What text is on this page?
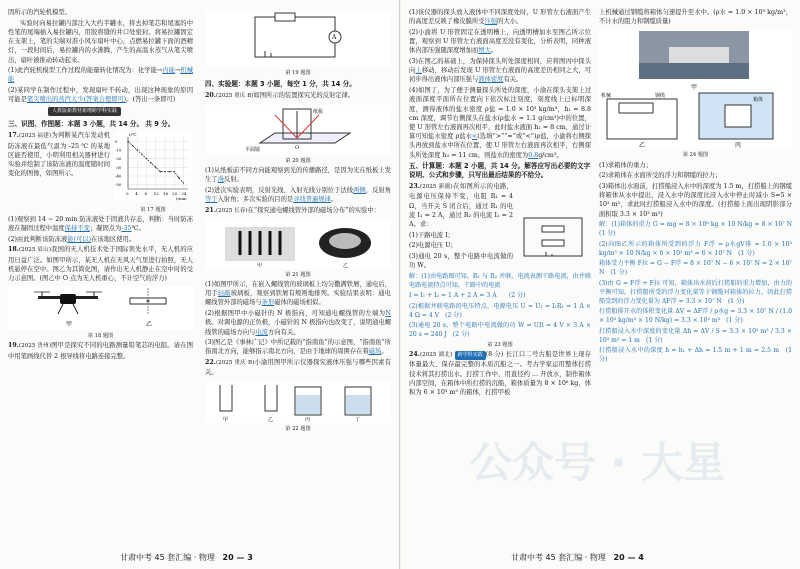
固所示的汽轮机模型。
实验时向易拉罐内部注入大约半罐水，将去掉笔芯和尾塞的中性笔的尾端插入易拉罐内，用胶将缝的井口处密封。将易拉罐固定在支架上，笔的尖端对准小风车扇叶中心，点燃易拉罐下面的酒精灯，一段时间后，易拉罐内的水沸腾，产生的高温水蒸气从笔尖喷出，扇叶被推动转动起来。
(1)此汽轮机模型工作过程的能量转化情况为：化学能→内能→机械能
(2)某同学在制作过程中，发现扇叶不转动，出现这种现象的原因可能是笔尖喷出的蒸汽太少(答案合理即可)。(答出一条即可)
人教版新教材新增跨学科实践
三、识图、作图题：本题 3 小题，共 14 分。 共 9 分。
17.(2025 福建)为判断某汽车发动机防冻液在最低气温为 -25 ℃ 的某地区能否使用，小明利用相关器材进行实验并绘制了该防冻液的温度随时间变化的图像，如图所示。
0 4 8 12 16 20 24
0
-10
-20
-30
-40
-50
t/min
t/℃
第 17 题图
(1)观察到 14 ~ 20 min 防冻液处于固液共存态，判断：当时防冻液在凝固过程中温度保持不变；凝固点为-35℃。
(2)由此判断该防冻液能(可以)在该地区使用。
18.(2025 眉山)我国的无人机技术处于国际领先水平，无人机的应用日益广泛。如图甲所示，某无人机在无风天气里进行拍照，无人机悬停在空中。图乙为其简化图，请作出无人机静止在空中时的受力示意图。(图乙中 O 点为无人机重心，不计空气的浮力)
甲	乙
第 18 题图
19.(2025 贵州)图甲是探究不同的电路测量铅笔芯的电阻。请在图中用笔画线代替 2 根导线将电路连接完整。
A
第 19 题图
四、实验题：本题 3 小题，每空 1 分，共 14 分。
20.(2025 重庆 B)如图所示的装置探究光的反射定律。
纸板
平面镜	O
第 20 题图
(1)从纸板前不同方向能观察到光的传播路径，是因为光在纸板上发生了漫反射。
(2)进次实验表明，反射光线、入射光线分别位于法线两侧，反射角等于入射角；多次实验的目的是寻找普遍规律。
21.(2025 长春)在“探究通电螺线管外部的磁场分布”的实验中：
甲	乙
第 21 题图
(1)如图甲所示，在嵌入螺线管的玻璃板上均匀撒满铁屑，通电后，用手轻敲玻璃板，观察到铁屑有规则地排列。实验结果表明：通电螺线管外部的磁场与条形磁体的磁场相似。
(2)根据图甲中小磁针的 N 极指向，可知通电螺线管的左端为N极。对调电源的正负极，小磁针的 N 极指向也改变了，说明通电螺线管的磁场方向与电流方向有关。
(3)图乙是《事林广记》中所记载的“指南鱼”的示意图，“指南鱼”所指南北方向，能够指示南北方向，是由于地球的周围存在着磁场。
22.(2025 重庆 B)小渝用图甲所示仪器探究液体压强与哪些因素有关。
甲	乙	丙	丁
第 22 题图
甘肃中考 45 套汇编 · 物理 20 — 3
(1)该仪器的探头放入液体中不同深度处时，U 形管左右液面产生的高度差反映了橡皮膜所受压强的大小。
(2)小渝将 U 形管固定在透明槽上，向透明槽加水至图乙所示位置，观察到 U 形管左右液面高度差没有变化，分析表明，同种液体内部压强随深度增加而增大。
(3)在图乙的基础上，为保持探头所处深度相同，应将图丙中探头向上移动，移动后发现 U 形管左右液面的高度差仍相同之大，可初步得出液体内部压强与液体密度有关。
(4)如图丁，为了便于测量探头所处的深度，小渝在探头支架上过液面深度平面所在位置向下依次标注刻度，刻度线上已标明深度，测得液体的盐水密度 ρ盐 = 1.0 × 10³ kg/m³，h₁ = 8.8 cm 深度，调节右侧探头在盐水(ρ盐水 = 1.1 g/cm³)中的位置，使 U 形管左右液面再次相平，此时盐水液面 h₂ = 8 cm，通过计算可知盐水密度 ρ盐水<(选填“>”“=”或“<”)ρ盐，小渝将右侧探头再放到盐水中所在位置，使 U 形管左右液面再次相平，右侧探头所处深度 h₃ = 11 cm，则盐水的密度为0.8g/cm³。
五、计算题：本题 2 小题，共 14 分。解答应写出必要的文字说明、公式和步骤，只写出最后结果的不给分。
23.(2025 新疆)在如图所示的电路，电源电压保持不变，电阻 R₁ = 4 Ω，当开关 S 闭合后，通过 R₁ 的电流 I₁ = 2 A，通过 R₂ 的电流 I₂ = 2 A。求：
(1)干路电流 I；
(2)电源电压 U；
(3)通电 20 s，整个电路中电流做的功 W。
解：(1)由电路图可知，R₁ 与 R₂ 并联，电流表测干路电流，由并联电路电流特点可知，干路中的电流
I = I₁ + I₂ = 1 A + 2 A = 3 A　　(2 分)
(2)根据并联电路的电压特点，电源电压 U = U₁ = I₁R₁ = 1 A × 4 Ω = 4 V　(2 分)
(3)通电 20 s，整个电路中电流做的功 W = UIt = 4 V × 3 A × 20 s = 240 J　(2 分)
第 23 题图
24.(2025 湖北) 跨学科实践 (8 分) 长江口二号古船是世界上现存体量最大、保存最完整的木质沉船之一。考古学家运用整体打捞技术将其打捞出水。打捞工作中，用直径约 ... 开放水，制作箱体内部空间，在箱体中所打捞的沉船，箱体质量为 8 × 10⁶ kg，体积为 6 × 10³ m³ 的箱体，打捞甲板
上机械通过钢缆将箱体匀速提升至水中。(ρ水 = 1.0 × 10³ kg/m³，不计水的阻力和钢缆质量)
甲
机械	钢缆
箱体
乙	丙
第 24 题图
(1)求箱体的重力；
(2)求箱体在水面所受的浮力和钢缆的拉力；
(3)箱体出水面前，打捞船浸入水中的深度为 1.5 m，打捞船上的钢缆将箱体从水中提出，浸入水中的深度比浸入水中停止时减小 S=5 × 10³ m²，求此时打捞船浸入水中的深度。(打捞船上面出现阴影部分面积取 3.3 × 10³ m²)
解：(1)箱体的重力 G = mg = 8 × 10⁶ kg × 10 N/kg = 8 × 10⁷ N　(1 分)
(2)向图乙所示的箱体所受到的浮力 F浮 = ρ水gV排 = 1.0 × 10³ kg/m³ × 10 N/kg × 6 × 10³ m³ = 6 × 10⁷ N　(1 分)
箱体受力平衡 F拉 = G − F浮 = 8 × 10⁷ N − 6 × 10⁷ N = 2 × 10⁷ N　(1 分)
(3)由 G = F浮 + F拉 可知，箱体出水前后打捞船的重力增加，由力的平衡可知，打捞船所受的浮力变化量等于钢缆对箱体的拉力，因此打捞船受到的浮力变化量为 ΔF浮 = 3.3 × 10⁷ N　(1 分)
打捞船排开水的体积变化量 ΔV = ΔF浮 / ρ水g = 3.3 × 10⁷ N / (1.0 × 10³ kg/m³ × 10 N/kg) = 3.3 × 10³ m³　(1 分)
打捞船浸入水中深度的变化量 Δh = ΔV / S = 3.3 × 10³ m³ / 3.3 × 10³ m² = 1 m　(1 分)
打捞船浸入水中的深度 h = h₁ + Δh = 1.5 m + 1 m = 2.5 m　(1 分)
甘肃中考 45 套汇编 · 物理 20 — 4
公众号 · 大星
